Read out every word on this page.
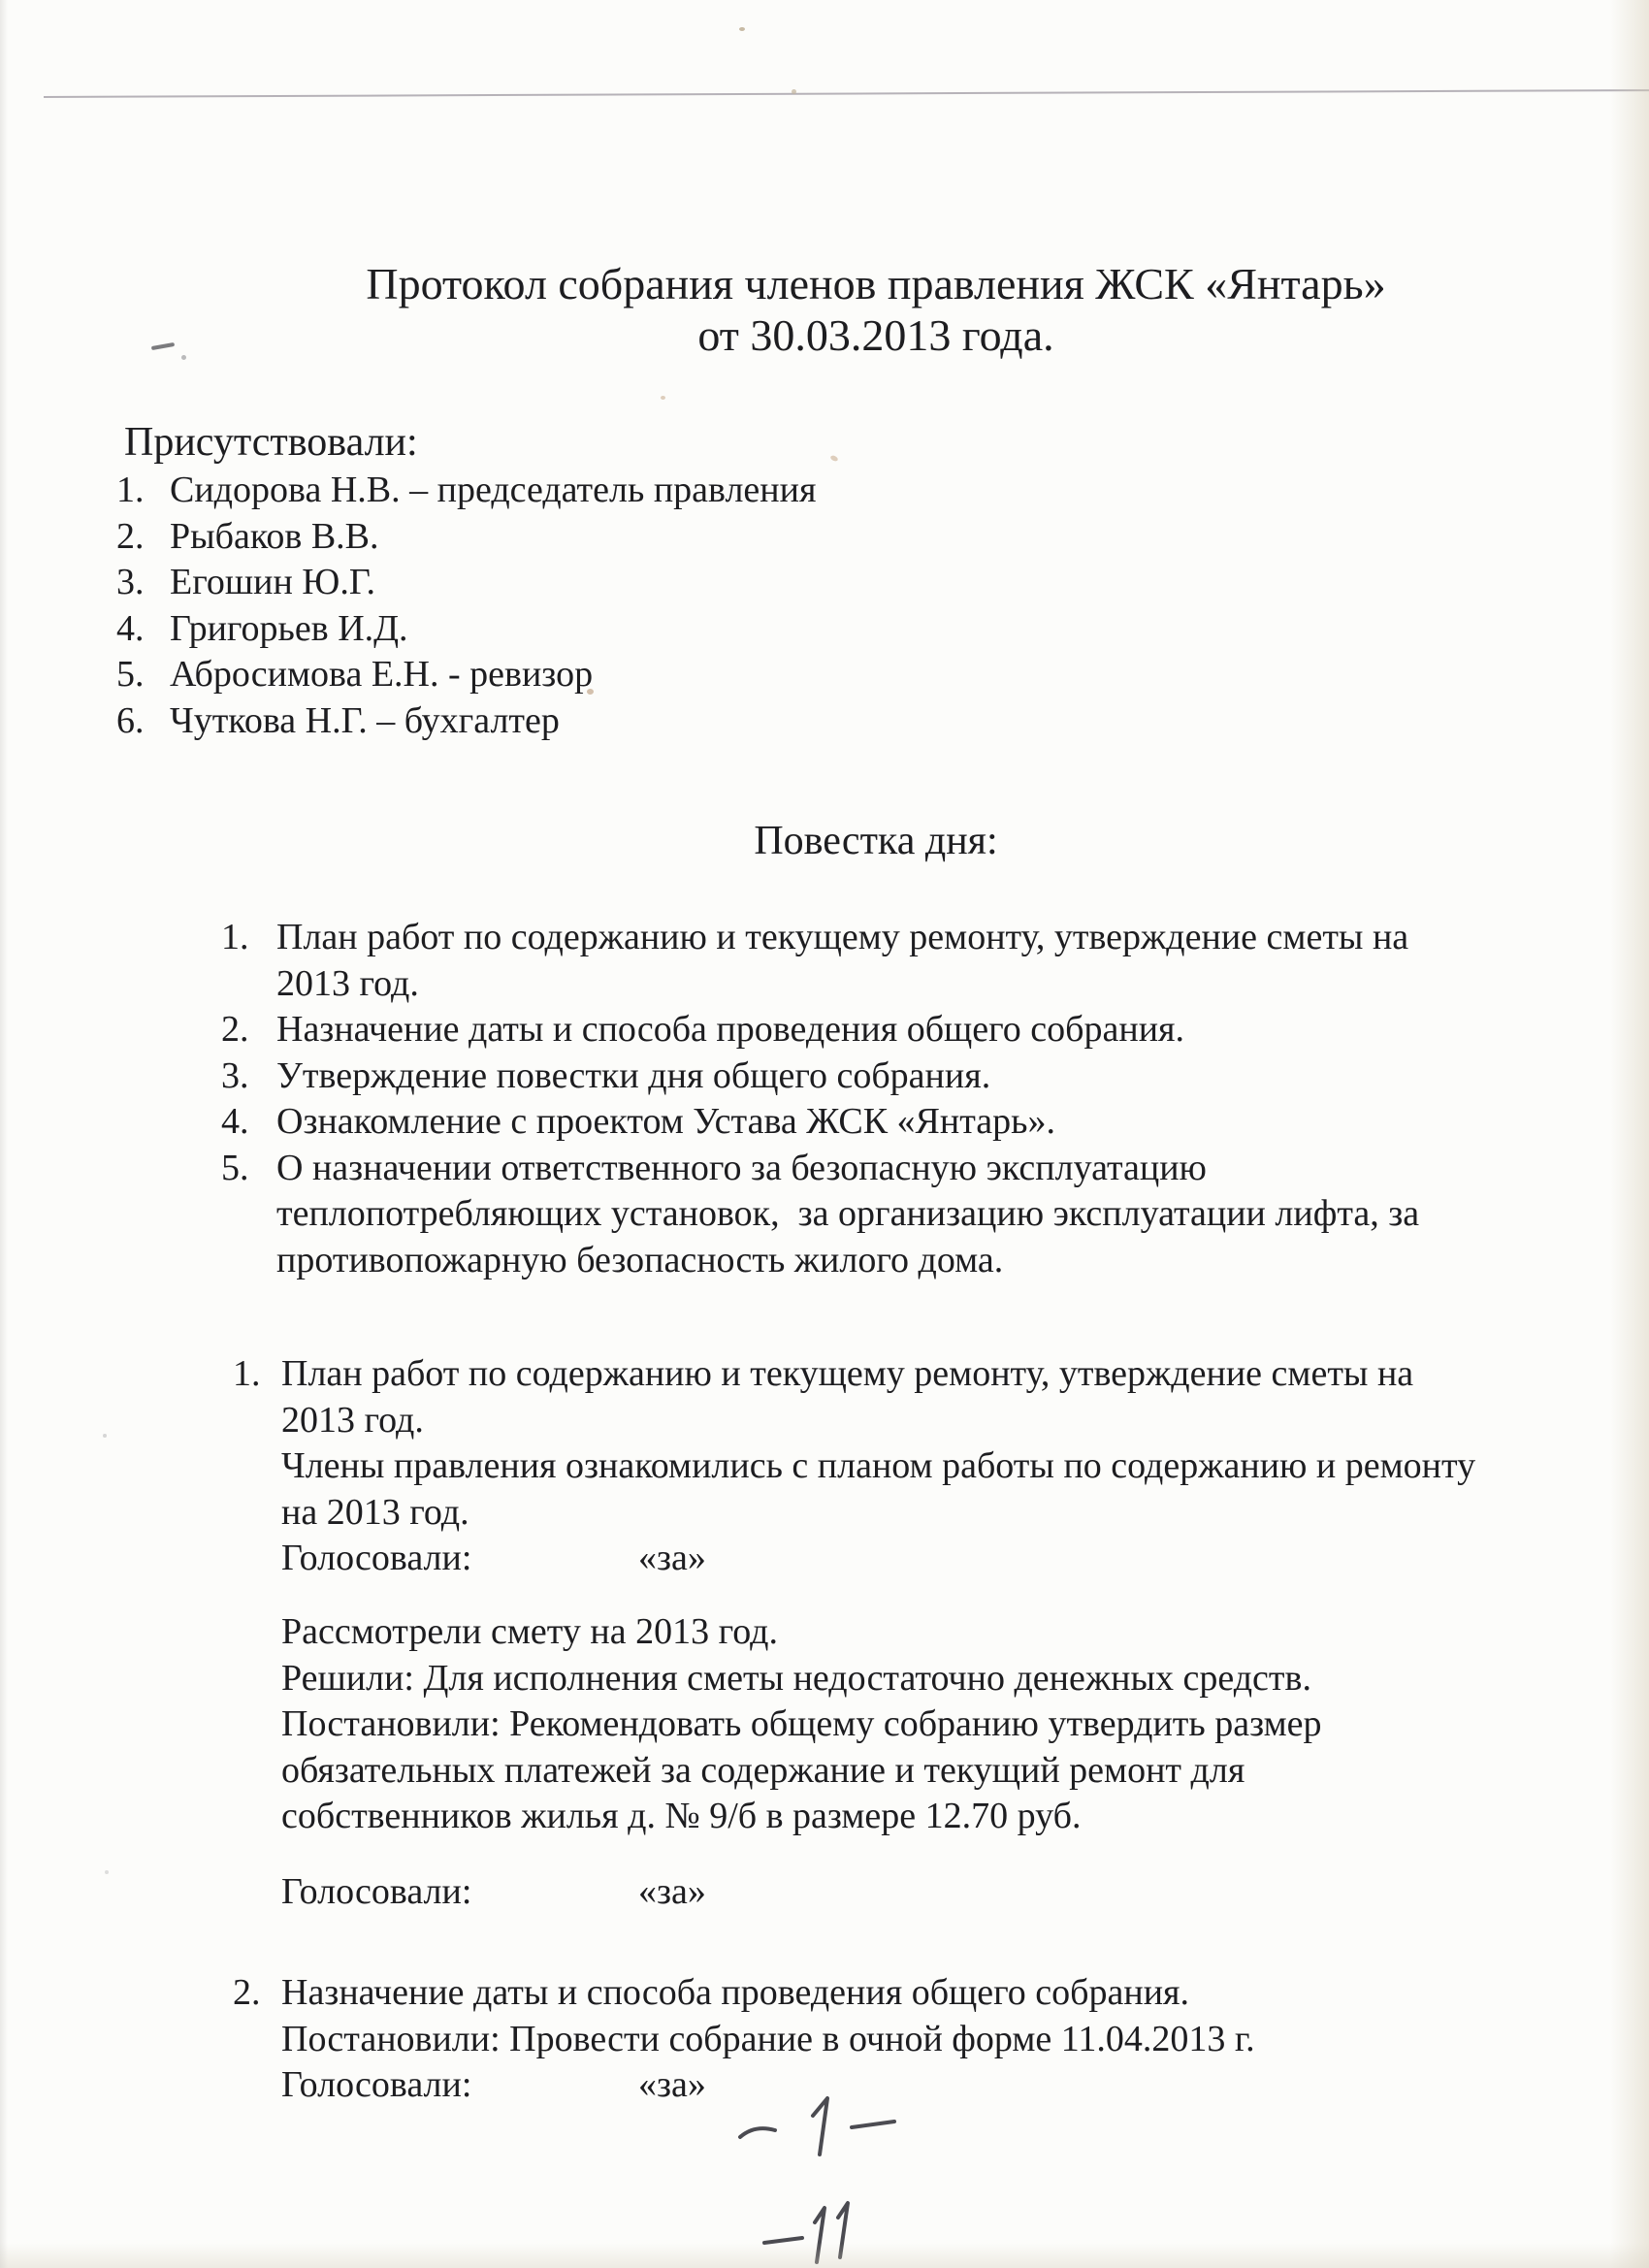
Протокол собрания членов правления ЖСК «Янтарь»
от 30.03.2013 года.
Присутствовали:
1. Сидорова Н.В. – председатель правления
2. Рыбаков В.В.
3. Егошин Ю.Г.
4. Григорьев И.Д.
5. Абросимова Е.Н. - ревизор
6. Чуткова Н.Г. – бухгалтер
Повестка дня:
1. План работ по содержанию и текущему ремонту, утверждение сметы на
2013 год.
2. Назначение даты и способа проведения общего собрания.
3. Утверждение повестки дня общего собрания.
4. Ознакомление с проектом Устава ЖСК «Янтарь».
5. О назначении ответственного за безопасную эксплуатацию
теплопотребляющих установок,  за организацию эксплуатации лифта, за
противопожарную безопасность жилого дома.
1. План работ по содержанию и текущему ремонту, утверждение сметы на
2013 год.
Члены правления ознакомились с планом работы по содержанию и ремонту
на 2013 год.
Голосовали:	«за»
Рассмотрели смету на 2013 год.
Решили: Для исполнения сметы недостаточно денежных средств.
Постановили: Рекомендовать общему собранию утвердить размер
обязательных платежей за содержание и текущий ремонт для
собственников жилья д. № 9/б в размере 12.70 руб.
Голосовали:	«за»
2. Назначение даты и способа проведения общего собрания.
Постановили: Провести собрание в очной форме 11.04.2013 г.
Голосовали:	«за»
